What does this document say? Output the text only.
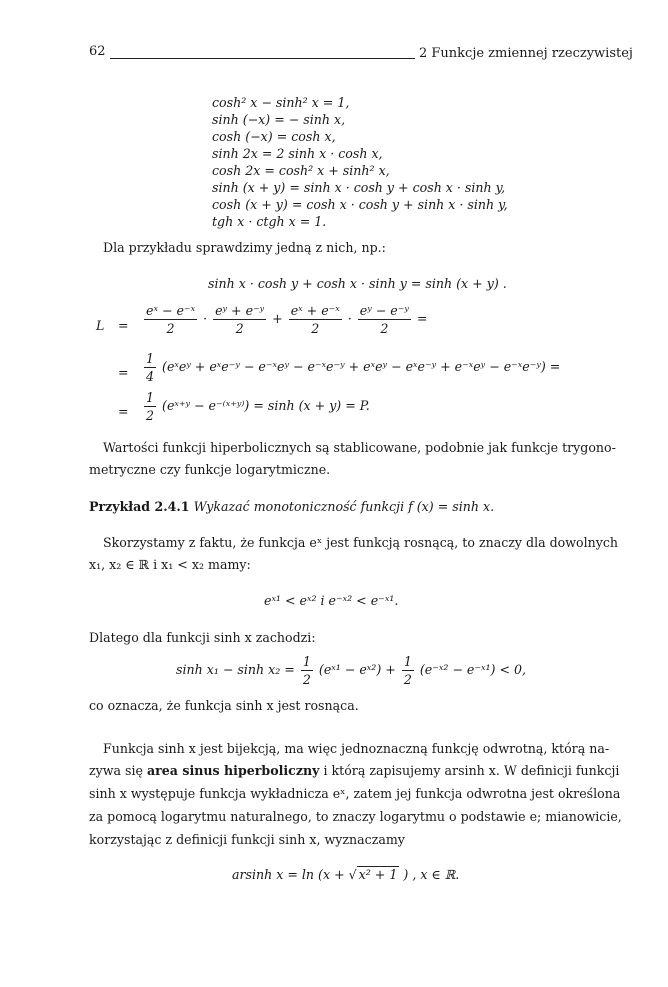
62	2 Funkcje zmiennej rzeczywistej
cosh² x − sinh² x = 1,
sinh (−x) = − sinh x,
cosh (−x) = cosh x,
sinh 2x = 2 sinh x · cosh x,
cosh 2x = cosh² x + sinh² x,
sinh (x + y) = sinh x · cosh y + cosh x · sinh y,
cosh (x + y) = cosh x · cosh y + sinh x · sinh y,
tgh x · ctgh x = 1.
Dla przykładu sprawdzimy jedną z nich, np.:
sinh x · cosh y + cosh x · sinh y = sinh (x + y) .
$L = \frac{\text{eˣ − e⁻ˣ}}{2} \cdot \frac{\text{eʸ + e⁻ʸ}}{2} + \frac{\text{eˣ + e⁻ˣ}}{2} \cdot \frac{\text{eʸ − e⁻ʸ}}{2}$ =
= $\frac{1}{4}$ (eˣeʸ + eˣe⁻ʸ − e⁻ˣeʸ − e⁻ˣe⁻ʸ + eˣeʸ − eˣe⁻ʸ + e⁻ˣeʸ − e⁻ˣe⁻ʸ) =
= $\frac{1}{2}$ (eˣ⁺ʸ − e⁻⁽ˣ⁺ʸ⁾) = sinh (x + y) = P.
Wartości funkcji hiperbolicznych są stablicowane, podobnie jak funkcje trygono-
metryczne czy funkcje logarytmiczne.
Przykład 2.4.1 Wykazać monotoniczność funkcji f (x) = sinh x.
Skorzystamy z faktu, że funkcja eˣ jest funkcją rosnącą, to znaczy dla dowolnych
x₁, x₂ ∈ ℝ i x₁ < x₂ mamy:
eˣ¹ < eˣ² i e⁻ˣ² < e⁻ˣ¹.
Dlatego dla funkcji sinh x zachodzi:
$\sinh x_1 - \sinh x_2 = \frac{1}{2}$ (eˣ¹ − eˣ²) + $\frac{1}{2}$ (e⁻ˣ² − e⁻ˣ¹) < 0,
co oznacza, że funkcja sinh x jest rosnąca.
Funkcja sinh x jest bijekcją, ma więc jednoznaczną funkcję odwrotną, którą na-
zywa się area sinus hiperboliczny i którą zapisujemy arsinh x. W definicji funkcji
sinh x występuje funkcja wykładnicza eˣ, zatem jej funkcja odwrotna jest określona
za pomocą logarytmu naturalnego, to znaczy logarytmu o podstawie e; mianowicie,
korzystając z definicji funkcji sinh x, wyznaczamy
arsinh x = ln (x + √ x² + 1 ) , x ∈ ℝ.
